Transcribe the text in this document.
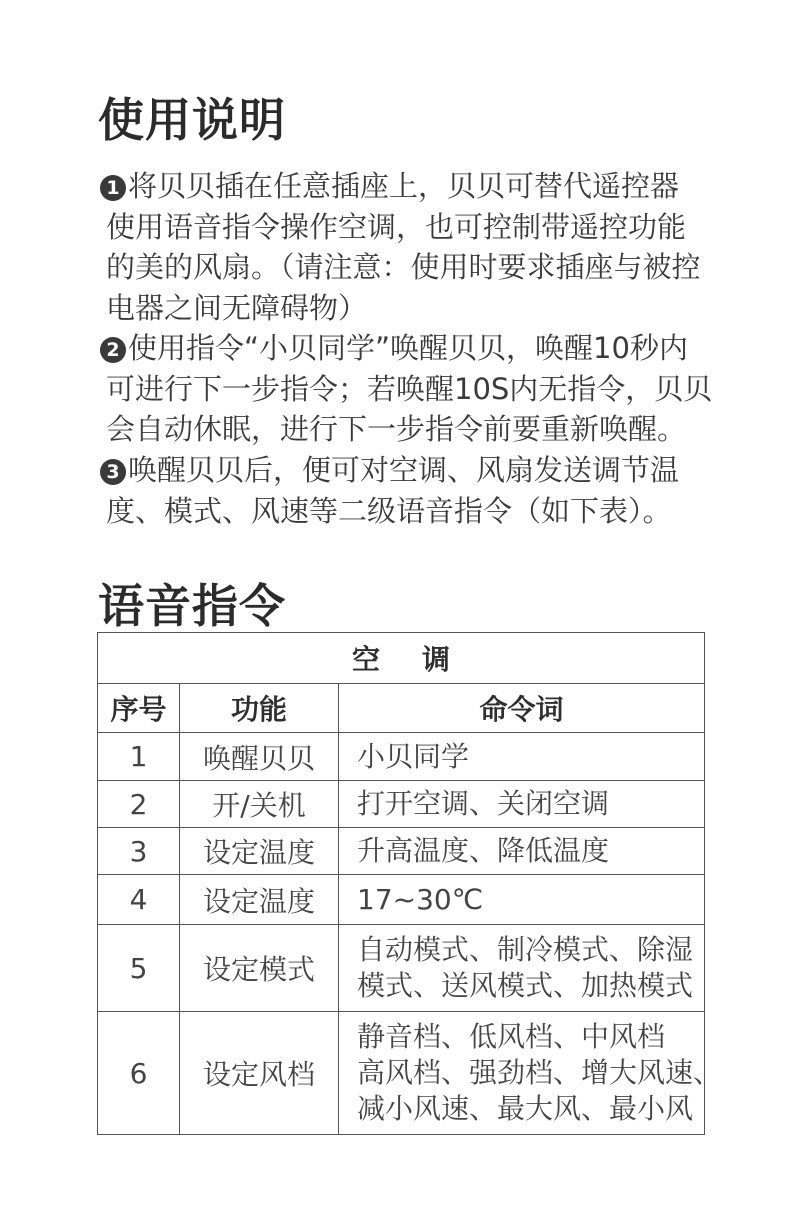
使用说明
1 将贝贝插在任意插座上，贝贝可替代遥控器
使用语音指令操作空调，也可控制带遥控功能
的美的风扇。（请注意：使用时要求插座与被控
电器之间无障碍物）
2 使用指令“小贝同学”唤醒贝贝，唤醒10秒内
可进行下一步指令；若唤醒10S内无指令，贝贝
会自动休眠，进行下一步指令前要重新唤醒。
3 唤醒贝贝后，便可对空调、风扇发送调节温
度、模式、风速等二级语音指令（如下表）。
语音指令
空调		
序号	功能	命令词
1	唤醒贝贝	小贝同学

2	开/关机	打开空调、关闭空调

3	设定温度	升高温度、降低温度

4	设定温度	17~30℃

5	设定模式	自动模式、制冷模式、除湿
模式、送风模式、加热模式

6	设定风档	静音档、低风档、中风档
高风档、强劲档、增大风速、
减小风速、最大风、最小风
